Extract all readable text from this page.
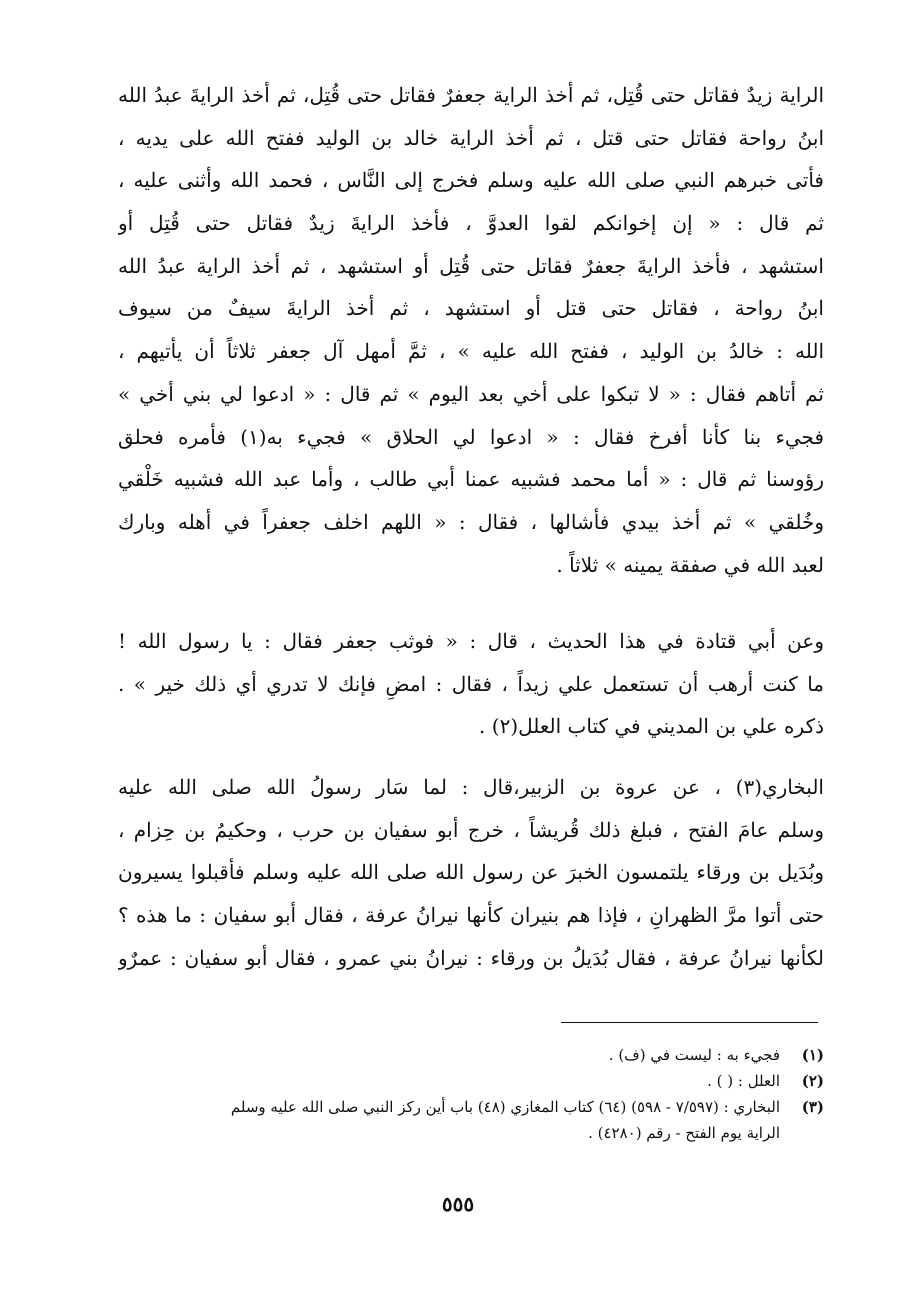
الراية زيدٌ فقاتل حتى قُتِل، ثم أخذ الراية جعفرٌ فقاتل حتى قُتِل، ثم أخذ الرايةَ عبدُ الله
ابنُ رواحة فقاتل حتى قتل ، ثم أخذ الراية خالد بن الوليد ففتح الله على يديه ،
فأتى خبرهم النبي صلى الله عليه وسلم فخرج إلى النَّاس ، فحمد الله وأثنى عليه ،
ثم قال : « إن إخوانكم لقوا العدوَّ ، فأخذ الرايةَ زيدٌ فقاتل حتى قُتِل أو
استشهد ، فأخذ الرايةَ جعفرٌ فقاتل حتى قُتِل أو استشهد ، ثم أخذ الراية عبدُ الله
ابنُ رواحة ، فقاتل حتى قتل أو استشهد ، ثم أخذ الرايةَ سيفٌ من سيوف
الله : خالدُ بن الوليد ، ففتح الله عليه » ، ثمَّ أمهل آل جعفر ثلاثاً أن يأتيهم ،
ثم أتاهم فقال : « لا تبكوا على أخي بعد اليوم » ثم قال : « ادعوا لي بني أخي »
فجيء بنا كأنا أفرخ فقال : « ادعوا لي الحلاق » فجيء به(١) فأمره فحلق
رؤوسنا ثم قال : « أما محمد فشبيه عمنا أبي طالب ، وأما عبد الله فشبيه خَلْقي
وخُلقي » ثم أخذ بيدي فأشالها ، فقال : « اللهم اخلف جعفراً في أهله وبارك
لعبد الله في صفقة يمينه » ثلاثاً .
وعن أبي قتادة في هذا الحديث ، قال : « فوثب جعفر فقال : يا رسول الله !
ما كنت أرهب أن تستعمل علي زيداً ، فقال : امضِ فإنك لا تدري أي ذلك خير » .
ذكره علي بن المديني في كتاب العلل(٢) .
البخاري(٣) ، عن عروة بن الزبير،قال : لما سَار رسولُ الله صلى الله عليه
وسلم عامَ الفتح ، فبلغ ذلك قُريشاً ، خرج أبو سفيان بن حرب ، وحكيمُ بن حِزام ،
وبُدَيل بن ورقاء يلتمسون الخبرَ عن رسول الله صلى الله عليه وسلم فأقبلوا يسيرون
حتى أتوا مرَّ الظهرانِ ، فإذا هم بنيران كأنها نيرانُ عرفة ، فقال أبو سفيان : ما هذه ؟
لكأنها نيرانُ عرفة ، فقال بُدَيلُ بن ورقاء : نيرانُ بني عمرو ، فقال أبو سفيان : عمرٌو
(١)
فجيء به : ليست في (ف) .
(٢)
العلل : ( ) .
(٣)
البخاري : (٧/٥٩٧ - ٥٩٨) (٦٤) كتاب المغازي (٤٨) باب أين ركز النبي صلى الله عليه وسلم
الراية يوم الفتح - رقم (٤٢٨٠) .
٥٥٥
